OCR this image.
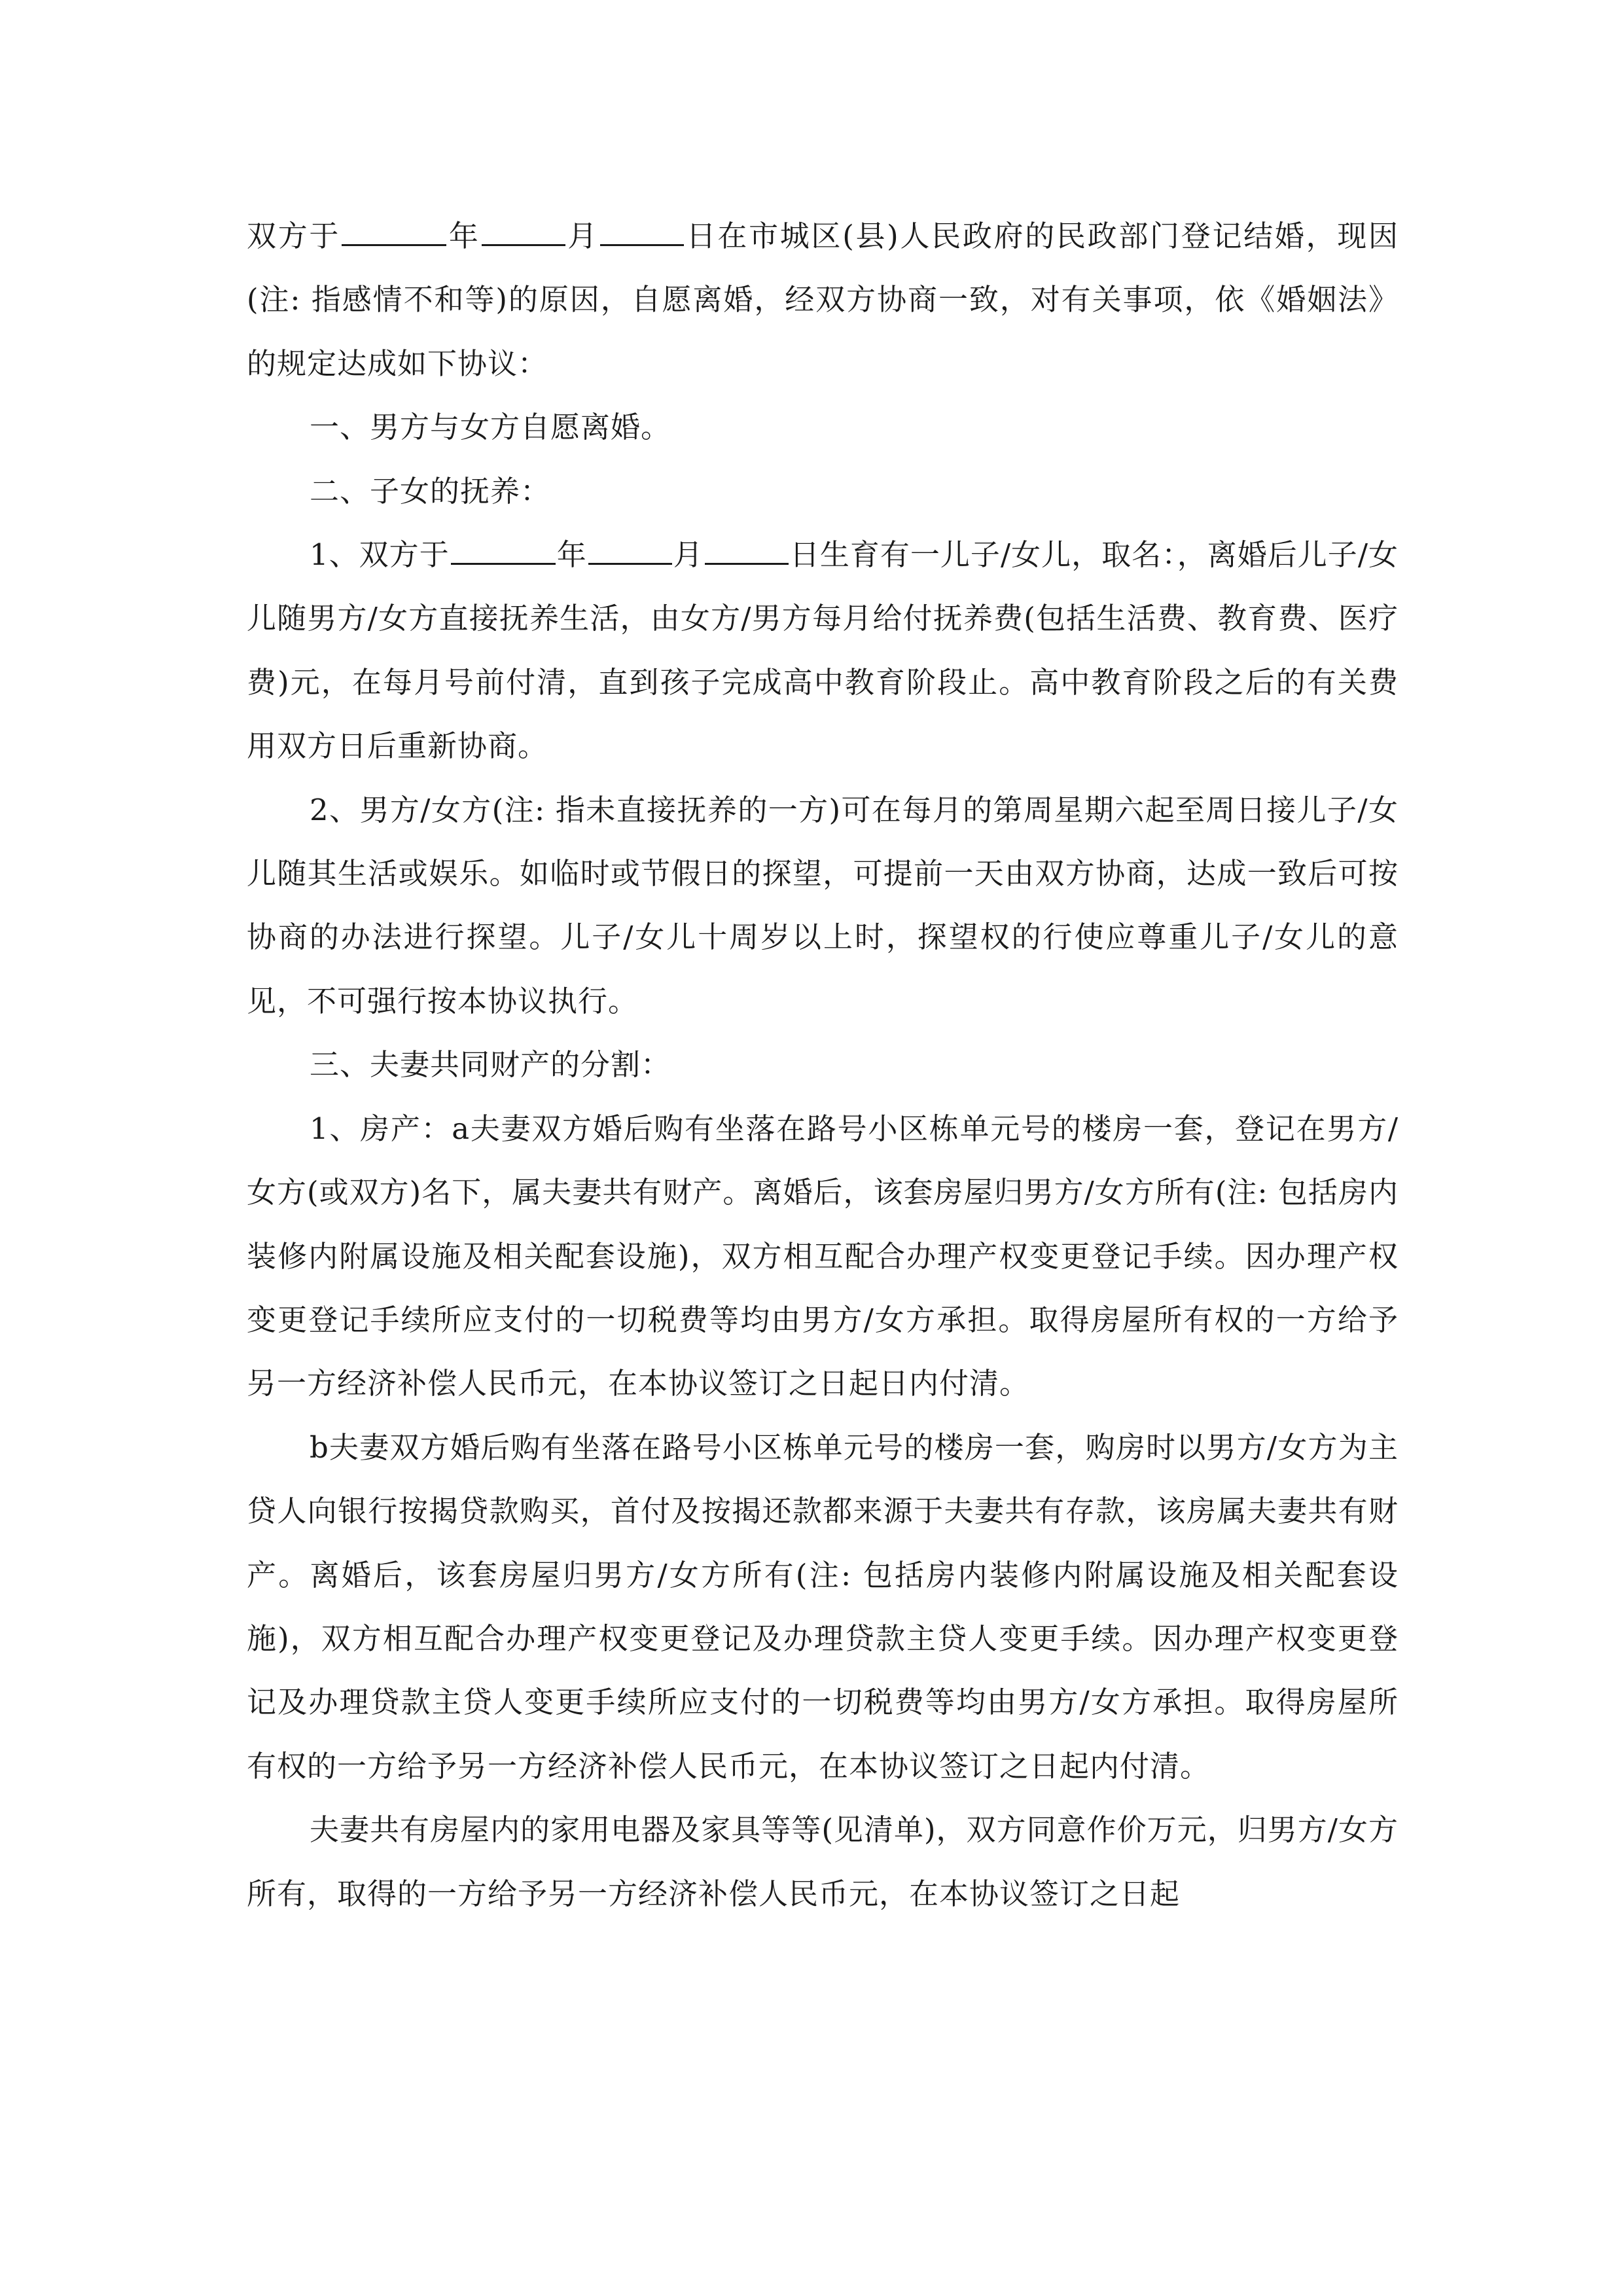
双方于	年	月	日在市城区(县)人民政府的民政部门登记结婚，现因(注: 指感情不和等)的原因，自愿离婚，经双方协商一致，对有关事项，依《婚姻法》的规定达成如下协议：

一、男方与女方自愿离婚。

二、子女的抚养：

1、双方于	年	月	日生育有一儿子/女儿，取名：，离婚后儿子/女儿随男方/女方直接抚养生活，由女方/男方每月给付抚养费(包括生活费、教育费、医疗费)元，在每月号前付清，直到孩子完成高中教育阶段止。高中教育阶段之后的有关费用双方日后重新协商。

2、男方/女方(注: 指未直接抚养的一方)可在每月的第周星期六起至周日接儿子/女儿随其生活或娱乐。如临时或节假日的探望，可提前一天由双方协商，达成一致后可按协商的办法进行探望。儿子/女儿十周岁以上时，探望权的行使应尊重儿子/女儿的意见，不可强行按本协议执行。

三、夫妻共同财产的分割：

1、房产：a夫妻双方婚后购有坐落在路号小区栋单元号的楼房一套，登记在男方/女方(或双方)名下，属夫妻共有财产。离婚后，该套房屋归男方/女方所有(注: 包括房内装修内附属设施及相关配套设施)，双方相互配合办理产权变更登记手续。因办理产权变更登记手续所应支付的一切税费等均由男方/女方承担。取得房屋所有权的一方给予另一方经济补偿人民币元，在本协议签订之日起日内付清。

b夫妻双方婚后购有坐落在路号小区栋单元号的楼房一套，购房时以男方/女方为主贷人向银行按揭贷款购买，首付及按揭还款都来源于夫妻共有存款，该房属夫妻共有财产。离婚后，该套房屋归男方/女方所有(注: 包括房内装修内附属设施及相关配套设施)，双方相互配合办理产权变更登记及办理贷款主贷人变更手续。因办理产权变更登记及办理贷款主贷人变更手续所应支付的一切税费等均由男方/女方承担。取得房屋所有权的一方给予另一方经济补偿人民币元，在本协议签订之日起内付清。

夫妻共有房屋内的家用电器及家具等等(见清单)，双方同意作价万元，归男方/女方所有，取得的一方给予另一方经济补偿人民币元，在本协议签订之日起
